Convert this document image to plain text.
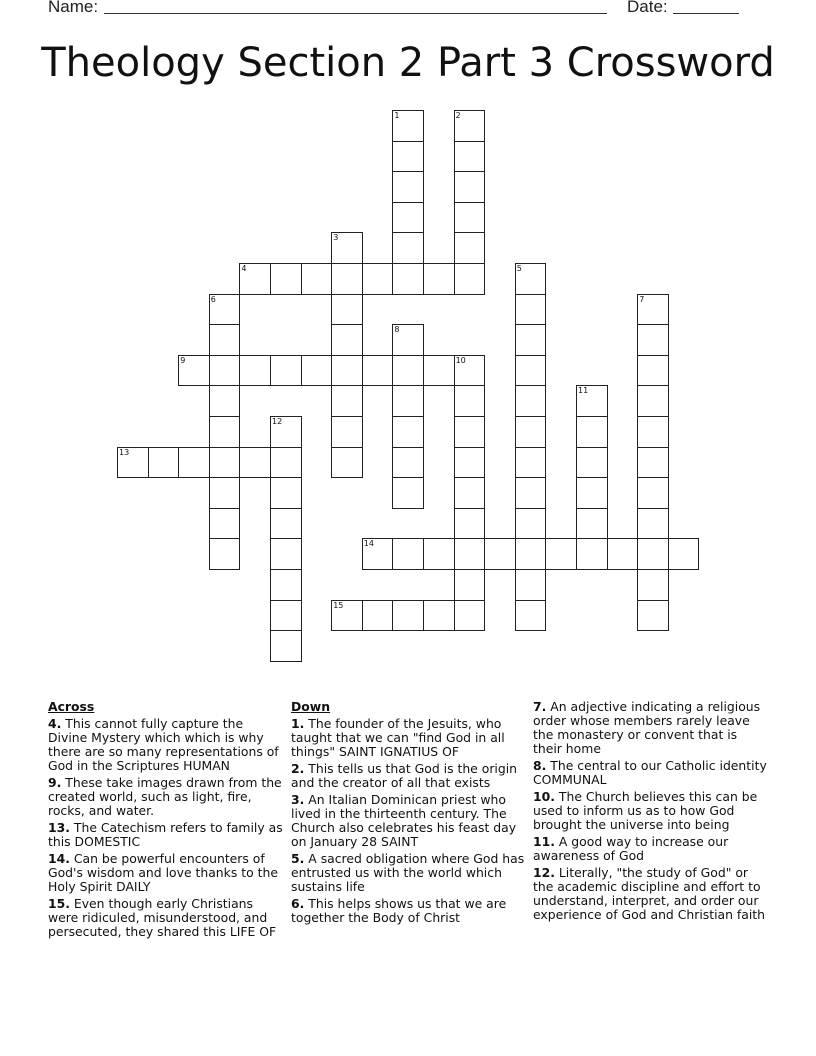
Name:	Date:
Theology Section 2 Part 3 Crossword
1	2
3
4	5
6	7
8
9	10
11
12
13
14
15
Across
4. This cannot fully capture the Divine Mystery which which is why there are so many representations of God in the Scriptures HUMAN
9. These take images drawn from the created world, such as light, fire, rocks, and water.
13. The Catechism refers to family as this DOMESTIC
14. Can be powerful encounters of God's wisdom and love thanks to the Holy Spirit DAILY
15. Even though early Christians were ridiculed, misunderstood, and persecuted, they shared this LIFE OF
Down
1. The founder of the Jesuits, who taught that we can "find God in all things" SAINT IGNATIUS OF
2. This tells us that God is the origin and the creator of all that exists
3. An Italian Dominican priest who lived in the thirteenth century. The Church also celebrates his feast day on January 28 SAINT
5. A sacred obligation where God has entrusted us with the world which sustains life
6. This helps shows us that we are together the Body of Christ
7. An adjective indicating a religious order whose members rarely leave the monastery or convent that is their home
8. The central to our Catholic identity COMMUNAL
10. The Church believes this can be used to inform us as to how God brought the universe into being
11. A good way to increase our awareness of God
12. Literally, "the study of God" or the academic discipline and effort to understand, interpret, and order our experience of God and Christian faith
